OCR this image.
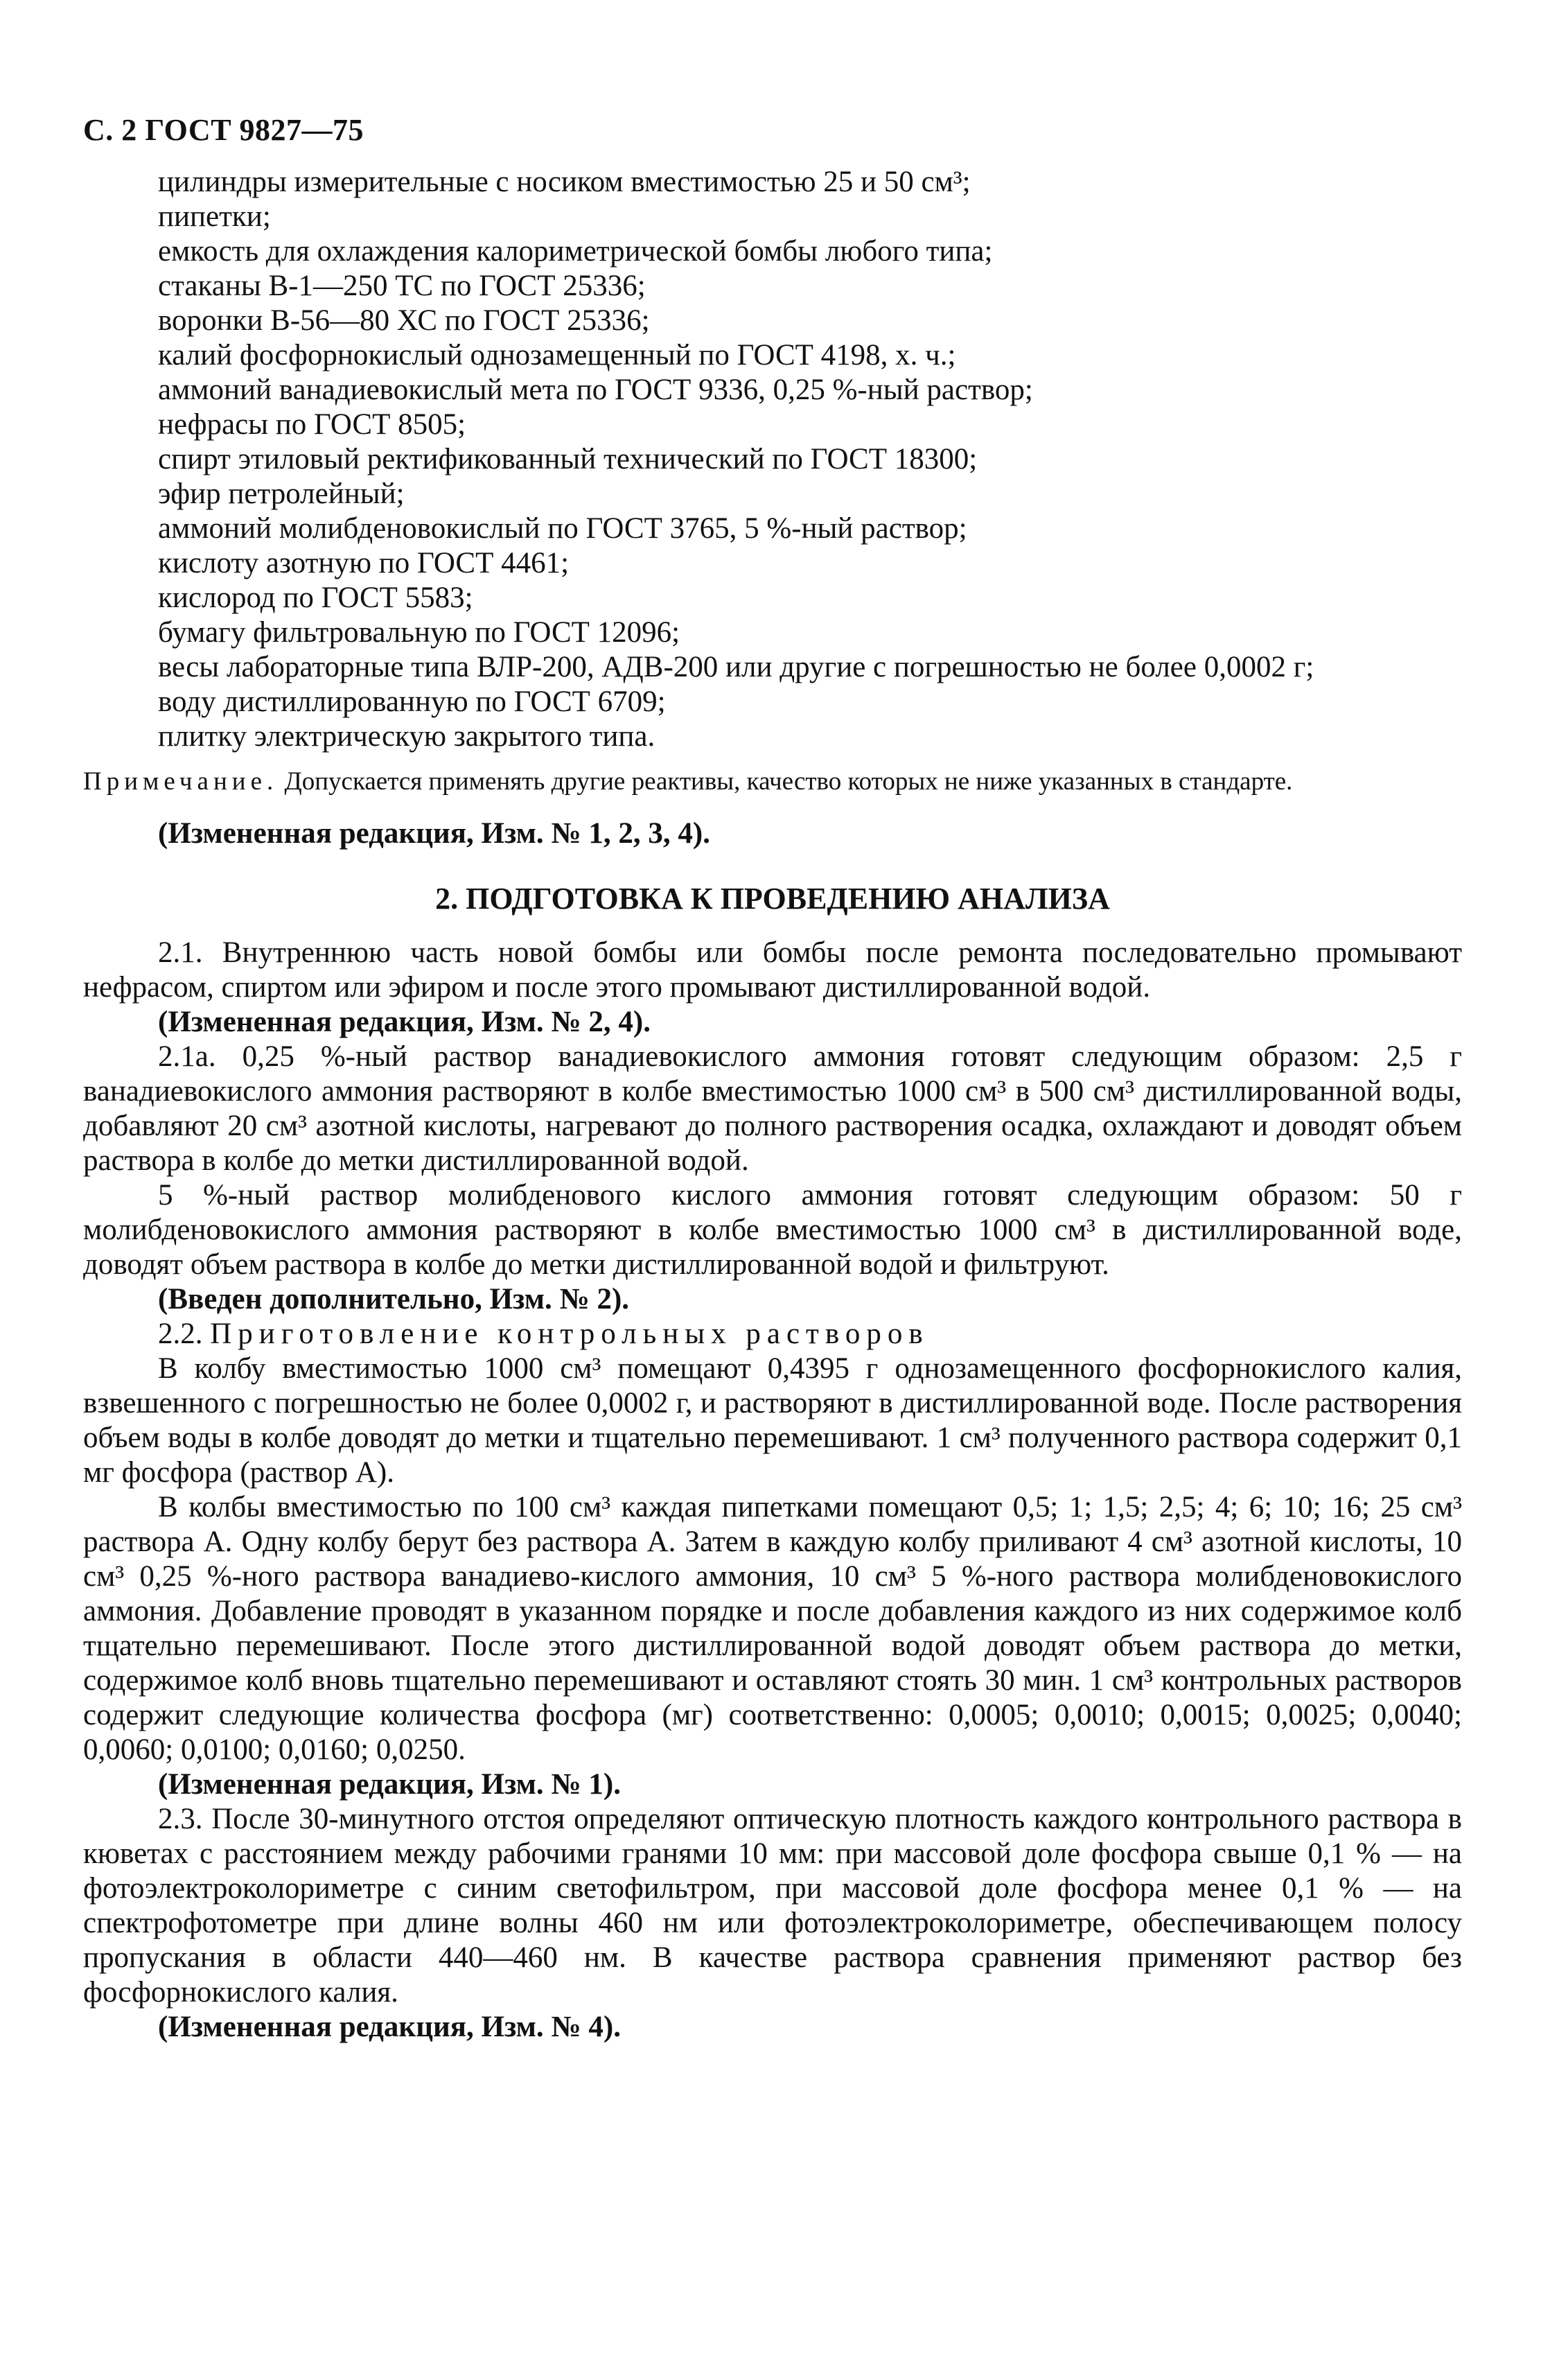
С. 2 ГОСТ 9827—75
цилиндры измерительные с носиком вместимостью 25 и 50 см³;
пипетки;
емкость для охлаждения калориметрической бомбы любого типа;
стаканы В-1—250 ТС по ГОСТ 25336;
воронки В-56—80 ХС по ГОСТ 25336;
калий фосфорнокислый однозамещенный по ГОСТ 4198, х. ч.;
аммоний ванадиевокислый мета по ГОСТ 9336, 0,25 %-ный раствор;
нефрасы по ГОСТ 8505;
спирт этиловый ректификованный технический по ГОСТ 18300;
эфир петролейный;
аммоний молибденовокислый по ГОСТ 3765, 5 %-ный раствор;
кислоту азотную по ГОСТ 4461;
кислород по ГОСТ 5583;
бумагу фильтровальную по ГОСТ 12096;
весы лабораторные типа ВЛР-200, АДВ-200 или другие с погрешностью не более 0,0002 г;
воду дистиллированную по ГОСТ 6709;
плитку электрическую закрытого типа.
Примечание. Допускается применять другие реактивы, качество которых не ниже указанных в стандарте.
(Измененная редакция, Изм. № 1, 2, 3, 4).
2. ПОДГОТОВКА К ПРОВЕДЕНИЮ АНАЛИЗА

2.1. Внутреннюю часть новой бомбы или бомбы после ремонта последовательно промывают нефрасом, спиртом или эфиром и после этого промывают дистиллированной водой.

(Измененная редакция, Изм. № 2, 4).

2.1а. 0,25 %-ный раствор ванадиевокислого аммония готовят следующим образом: 2,5 г ванадиевокислого аммония растворяют в колбе вместимостью 1000 см³ в 500 см³ дистиллированной воды, добавляют 20 см³ азотной кислоты, нагревают до полного растворения осадка, охлаждают и доводят объем раствора в колбе до метки дистиллированной водой.

5 %-ный раствор молибденового кислого аммония готовят следующим образом: 50 г молибденовокислого аммония растворяют в колбе вместимостью 1000 см³ в дистиллированной воде, доводят объем раствора в колбе до метки дистиллированной водой и фильтруют.

(Введен дополнительно, Изм. № 2).

2.2. Приготовление контрольных растворов

В колбу вместимостью 1000 см³ помещают 0,4395 г однозамещенного фосфорнокислого калия, взвешенного с погрешностью не более 0,0002 г, и растворяют в дистиллированной воде. После растворения объем воды в колбе доводят до метки и тщательно перемешивают. 1 см³ полученного раствора содержит 0,1 мг фосфора (раствор А).

В колбы вместимостью по 100 см³ каждая пипетками помещают 0,5; 1; 1,5; 2,5; 4; 6; 10; 16; 25 см³ раствора А. Одну колбу берут без раствора А. Затем в каждую колбу приливают 4 см³ азотной кислоты, 10 см³ 0,25 %-ного раствора ванадиево-кислого аммония, 10 см³ 5 %-ного раствора молибденовокислого аммония. Добавление проводят в указанном порядке и после добавления каждого из них содержимое колб тщательно перемешивают. После этого дистиллированной водой доводят объем раствора до метки, содержимое колб вновь тщательно перемешивают и оставляют стоять 30 мин. 1 см³ контрольных растворов содержит следующие количества фосфора (мг) соответственно: 0,0005; 0,0010; 0,0015; 0,0025; 0,0040; 0,0060; 0,0100; 0,0160; 0,0250.

(Измененная редакция, Изм. № 1).

2.3. После 30-минутного отстоя определяют оптическую плотность каждого контрольного раствора в кюветах с расстоянием между рабочими гранями 10 мм: при массовой доле фосфора свыше 0,1 % — на фотоэлектроколориметре с синим светофильтром, при массовой доле фосфора менее 0,1 % — на спектрофотометре при длине волны 460 нм или фотоэлектроколориметре, обеспечивающем полосу пропускания в области 440—460 нм. В качестве раствора сравнения применяют раствор без фосфорнокислого калия.

(Измененная редакция, Изм. № 4).
